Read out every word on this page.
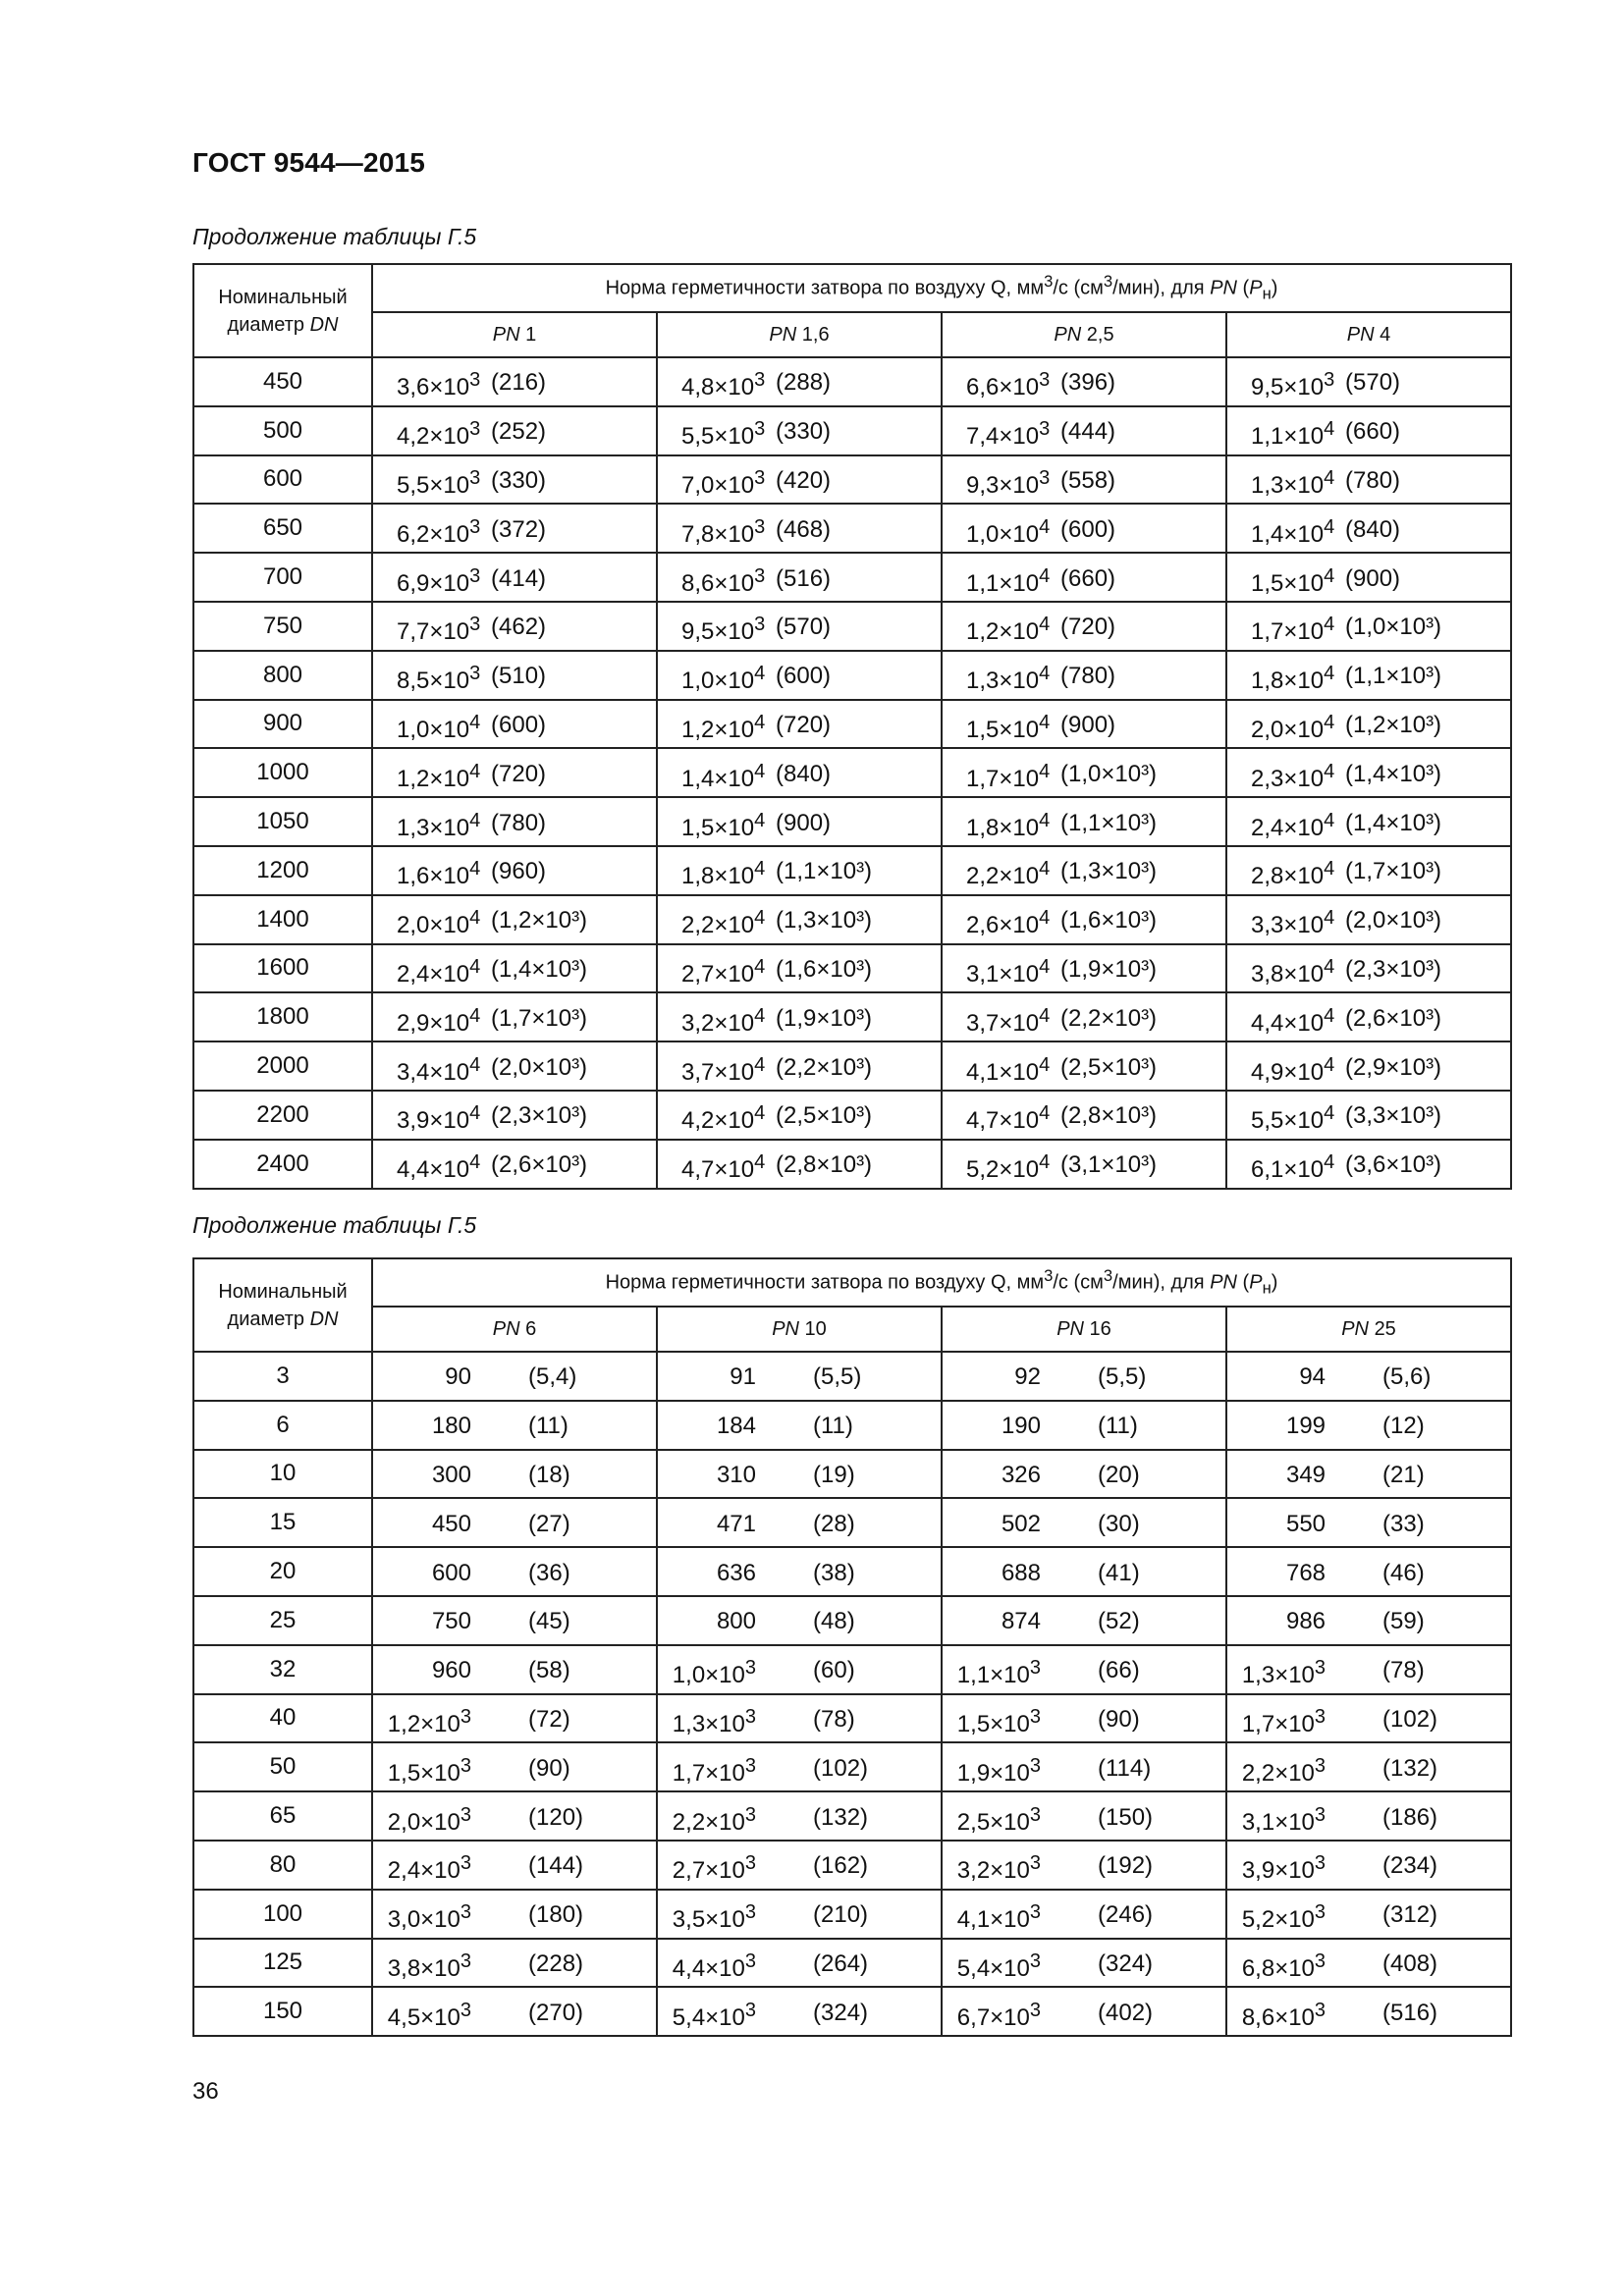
ГОСТ 9544—2015
Продолжение таблицы Г.5
Номинальный
диаметр DN	Норма герметичности затвора по воздуху Q, $мм^3/с$ $(см^3/мин)$, для PN $(P_н)$			
	PN 1	PN 1,6	PN 2,5	PN 4
450	$3,6\times 10^3$ (216)	$4,8\times 10^3$ (288)	$6,6\times 10^3$ (396)	$9,5\times 10^3$ (570)

500	$4,2\times 10^3$ (252)	$5,5\times 10^3$ (330)	$7,4\times 10^3$ (444)	$1,1\times 10^4$ (660)

600	$5,5\times 10^3$ (330)	$7,0\times 10^3$ (420)	$9,3\times 10^3$ (558)	$1,3\times 10^4$ (780)

650	$6,2\times 10^3$ (372)	$7,8\times 10^3$ (468)	$1,0\times 10^4$ (600)	$1,4\times 10^4$ (840)

700	$6,9\times 10^3$ (414)	$8,6\times 10^3$ (516)	$1,1\times 10^4$ (660)	$1,5\times 10^4$ (900)

750	$7,7\times 10^3$ (462)	$9,5\times 10^3$ (570)	$1,2\times 10^4$ (720)	$1,7\times 10^4$ (1,0×10³)

800	$8,5\times 10^3$ (510)	$1,0\times 10^4$ (600)	$1,3\times 10^4$ (780)	$1,8\times 10^4$ (1,1×10³)

900	$1,0\times 10^4$ (600)	$1,2\times 10^4$ (720)	$1,5\times 10^4$ (900)	$2,0\times 10^4$ (1,2×10³)

1000	$1,2\times 10^4$ (720)	$1,4\times 10^4$ (840)	$1,7\times 10^4$ (1,0×10³)	$2,3\times 10^4$ (1,4×10³)

1050	$1,3\times 10^4$ (780)	$1,5\times 10^4$ (900)	$1,8\times 10^4$ (1,1×10³)	$2,4\times 10^4$ (1,4×10³)

1200	$1,6\times 10^4$ (960)	$1,8\times 10^4$ (1,1×10³)	$2,2\times 10^4$ (1,3×10³)	$2,8\times 10^4$ (1,7×10³)

1400	$2,0\times 10^4$ (1,2×10³)	$2,2\times 10^4$ (1,3×10³)	$2,6\times 10^4$ (1,6×10³)	$3,3\times 10^4$ (2,0×10³)

1600	$2,4\times 10^4$ (1,4×10³)	$2,7\times 10^4$ (1,6×10³)	$3,1\times 10^4$ (1,9×10³)	$3,8\times 10^4$ (2,3×10³)

1800	$2,9\times 10^4$ (1,7×10³)	$3,2\times 10^4$ (1,9×10³)	$3,7\times 10^4$ (2,2×10³)	$4,4\times 10^4$ (2,6×10³)

2000	$3,4\times 10^4$ (2,0×10³)	$3,7\times 10^4$ (2,2×10³)	$4,1\times 10^4$ (2,5×10³)	$4,9\times 10^4$ (2,9×10³)

2200	$3,9\times 10^4$ (2,3×10³)	$4,2\times 10^4$ (2,5×10³)	$4,7\times 10^4$ (2,8×10³)	$5,5\times 10^4$ (3,3×10³)

2400	$4,4\times 10^4$ (2,6×10³)	$4,7\times 10^4$ (2,8×10³)	$5,2\times 10^4$ (3,1×10³)	$6,1\times 10^4$ (3,6×10³)
Продолжение таблицы Г.5
Номинальный
диаметр DN	Норма герметичности затвора по воздуху Q, $мм^3/с$ $(см^3/мин)$, для PN $(P_н)$			
	PN 6	PN 10	PN 16	PN 25
3	90 (5,4)	91 (5,5)	92 (5,5)	94 (5,6)

6	180 (11)	184 (11)	190 (11)	199 (12)

10	300 (18)	310 (19)	326 (20)	349 (21)

15	450 (27)	471 (28)	502 (30)	550 (33)

20	600 (36)	636 (38)	688 (41)	768 (46)

25	750 (45)	800 (48)	874 (52)	986 (59)

32	960 (58)	$1,0\times 10^3$ (60)	$1,1\times 10^3$ (66)	$1,3\times 10^3$ (78)

40	$1,2\times 10^3$ (72)	$1,3\times 10^3$ (78)	$1,5\times 10^3$ (90)	$1,7\times 10^3$ (102)

50	$1,5\times 10^3$ (90)	$1,7\times 10^3$ (102)	$1,9\times 10^3$ (114)	$2,2\times 10^3$ (132)

65	$2,0\times 10^3$ (120)	$2,2\times 10^3$ (132)	$2,5\times 10^3$ (150)	$3,1\times 10^3$ (186)

80	$2,4\times 10^3$ (144)	$2,7\times 10^3$ (162)	$3,2\times 10^3$ (192)	$3,9\times 10^3$ (234)

100	$3,0\times 10^3$ (180)	$3,5\times 10^3$ (210)	$4,1\times 10^3$ (246)	$5,2\times 10^3$ (312)

125	$3,8\times 10^3$ (228)	$4,4\times 10^3$ (264)	$5,4\times 10^3$ (324)	$6,8\times 10^3$ (408)

150	$4,5\times 10^3$ (270)	$5,4\times 10^3$ (324)	$6,7\times 10^3$ (402)	$8,6\times 10^3$ (516)
36
